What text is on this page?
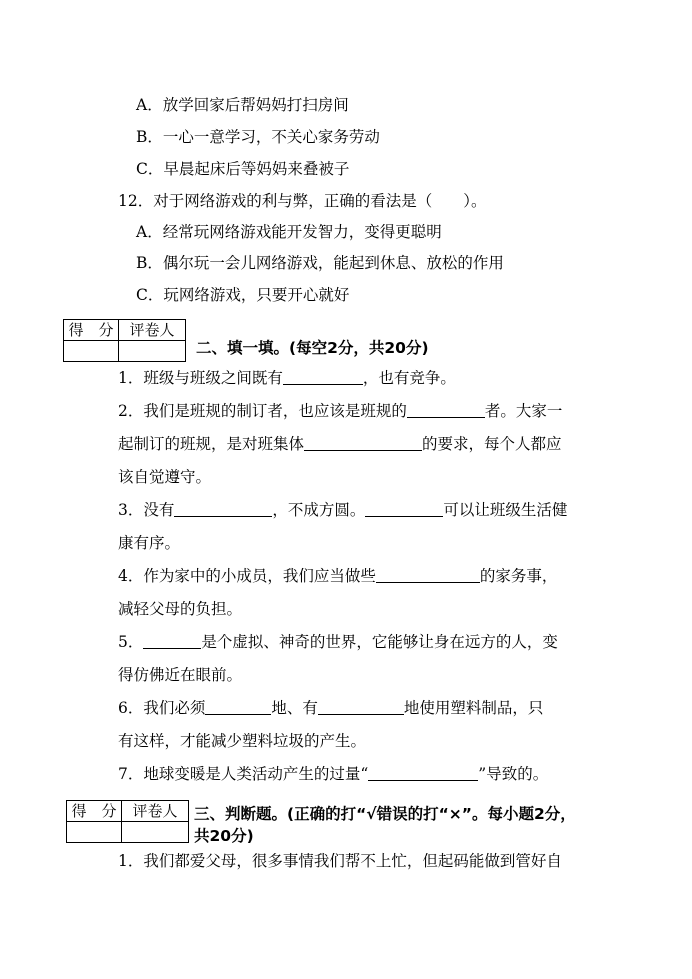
A．放学回家后帮妈妈打扫房间
B．一心一意学习，不关心家务劳动
C．早晨起床后等妈妈来叠被子
12．对于网络游戏的利与弊，正确的看法是（　　）。
A．经常玩网络游戏能开发智力，变得更聪明
B．偶尔玩一会儿网络游戏，能起到休息、放松的作用
C．玩网络游戏，只要开心就好
得　分	评卷人

二、填一填。(每空2分，共20分)
1．班级与班级之间既有	，也有竞争。
2．我们是班规的制订者，也应该是班规的	者。大家一
起制订的班规，是对班集体	的要求，每个人都应
该自觉遵守。
3．没有	，不成方圆。	可以让班级生活健
康有序。
4．作为家中的小成员，我们应当做些	的家务事，
减轻父母的负担。
5．	是个虚拟、神奇的世界，它能够让身在远方的人，变
得仿佛近在眼前。
6．我们必须	地、有	地使用塑料制品，只
有这样，才能减少塑料垃圾的产生。
7．地球变暖是人类活动产生的过量“	”导致的。
得　分	评卷人
	三、判断题。(正确的打“√错误的打“×”。每小题2分，
共20分)
1．我们都爱父母，很多事情我们帮不上忙，但起码能做到管好自
